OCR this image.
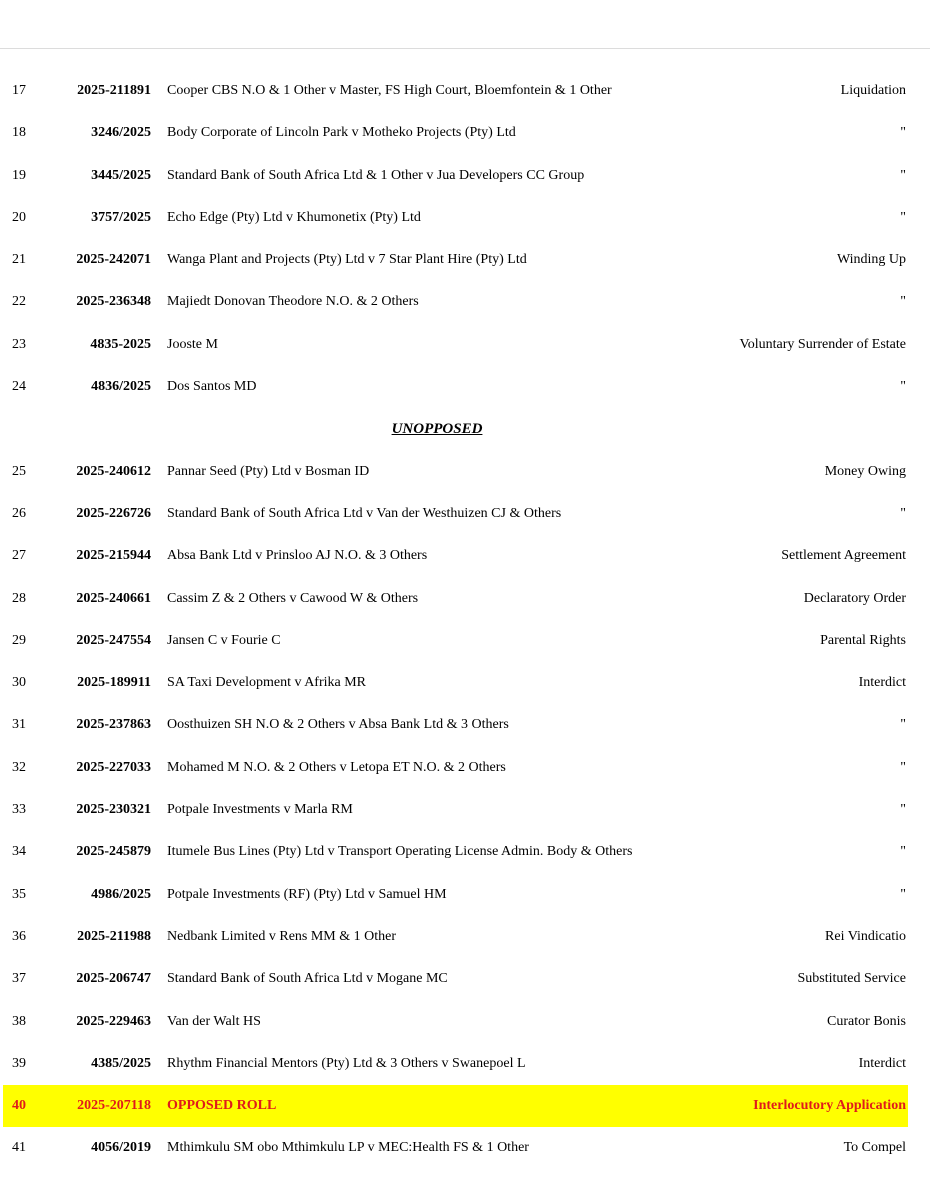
17	2025-211891 Cooper CBS N.O & 1 Other v Master, FS High Court, Bloemfontein & 1 Other	Liquidation
18	3246/2025 Body Corporate of Lincoln Park v Motheko Projects (Pty) Ltd	"
19	3445/2025 Standard Bank of South Africa Ltd & 1 Other v Jua Developers CC Group	"
20	3757/2025 Echo Edge (Pty) Ltd v Khumonetix (Pty) Ltd	"
21	2025-242071 Wanga Plant and Projects (Pty) Ltd v 7 Star Plant Hire (Pty) Ltd	Winding Up
22	2025-236348 Majiedt Donovan Theodore N.O. & 2 Others	"
23	4835-2025 Jooste M	Voluntary Surrender of Estate
24	4836/2025 Dos Santos MD	"
UNOPPOSED
25	2025-240612 Pannar Seed (Pty) Ltd v Bosman ID	Money Owing
26	2025-226726 Standard Bank of South Africa Ltd v Van der Westhuizen CJ & Others	"
27	2025-215944 Absa Bank Ltd v Prinsloo AJ N.O. & 3 Others	Settlement Agreement
28	2025-240661 Cassim Z & 2 Others v Cawood W & Others	Declaratory Order
29	2025-247554 Jansen C v Fourie C	Parental Rights
30	2025-189911 SA Taxi Development v Afrika MR	Interdict
31	2025-237863 Oosthuizen SH N.O & 2 Others v Absa Bank Ltd & 3 Others	"
32	2025-227033 Mohamed M N.O. & 2 Others v Letopa ET N.O. & 2 Others	"
33	2025-230321 Potpale Investments v Marla RM	"
34	2025-245879 Itumele Bus Lines (Pty) Ltd v Transport Operating License Admin. Body & Others	"
35	4986/2025 Potpale Investments (RF) (Pty) Ltd v Samuel HM	"
36	2025-211988 Nedbank Limited v Rens MM & 1 Other	Rei Vindicatio
37	2025-206747 Standard Bank of South Africa Ltd v Mogane MC	Substituted Service
38	2025-229463 Van der Walt HS	Curator Bonis
39	4385/2025 Rhythm Financial Mentors (Pty) Ltd & 3 Others v Swanepoel L	Interdict
40	2025-207118 OPPOSED ROLL	Interlocutory Application
41	4056/2019 Mthimkulu SM obo Mthimkulu LP v MEC:Health FS & 1 Other	To Compel
